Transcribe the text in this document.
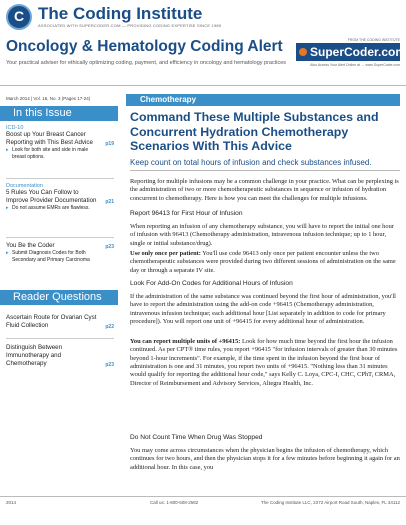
C
The Coding Institute
ASSOCIATED WITH SUPERCODER.COM — PROVIDING CODING EXPERTISE SINCE 1989
Oncology & Hematology Coding Alert
Your practical adviser for ethically optimizing coding, payment, and efficiency in oncology and hematology practices
FROM THE CODING INSTITUTE
SuperCoder.com
Also Access Your Alert Online at → www.SuperCoder.com
March 2014 | Vol. 16, No. 3 (Pages 17-24)
In this Issue
ICD-10
Boost up Your Breast Cancer Reporting with This Best Advice p19
▸ Look for both site and side in male breast options.
Documentation
5 Rules You Can Follow to Improve Provider Documentation p21
▸ Do not assume EMRs are flawless.
You Be the Coder	p23
▸ Submit Diagnosis Codes for Both Secondary and Primary Carcinoma
Reader Questions
Ascertain Route for Ovarian Cyst Fluid Collection	p22
Distinguish Between Immunotherapy and Chemotherapy	p23
Chemotherapy
Command These Multiple Substances and Concurrent Hydration Chemotherapy Scenarios With This Advice
Keep count on total hours of infusion and check substances infused.
Reporting for multiple infusions may be a common challenge in your practice. What can be perplexing is the administration of two or more chemotherapeutic substances in sequence or infusion of hydration concurrent to chemotherapy. Here is how you can meet the challenges for multiple infusions.
Report 96413 for First Hour of Infusion
When reporting an infusion of any chemotherapy substance, you will have to report the initial one hour of infusion with 96413 (Chemotherapy administration, intravenous infusion technique; up to 1 hour, single or initial substance/drug).
Use only once per patient: You'll use code 96413 only once per patient encounter unless the two chemotherapeutic substances were provided during two different sessions of administration on the same day or through a separate IV site.
Look For Add-On Codes for Additional Hours of Infusion
If the administration of the same substance was continued beyond the first hour of administration, you'll have to report the administration using the add-on code +96415 (Chemotherapy administration, intravenous infusion technique; each additional hour [List separately in addition to code for primary procedure]). You will report one unit of +96415 for every additional hour of administration.
You can report multiple units of +96415: Look for how much time beyond the first hour the infusion continued. As per CPT® time rules, you report +96415 "for infusion intervals of greater than 30 minutes beyond 1-hour increments". For example, if the time spent in the infusion beyond the first hour of administration is one and 31 minutes, you report two units of +96415. "Nothing less than 31 minutes would qualify for reporting the additional hour code," says Kelly C. Loya, CPC-I, CHC, CPhT, CRMA, Director of Reimbursement and Advisory Services, Altegra Health, Inc.
Do Not Count Time When Drug Was Stopped
You may come across circumstances when the physician begins the infusion of chemotherapy, which continues for two hours, and then the physician stops it for a few minutes before beginning it again for an additional hour. In this case, you
2014	Call us: 1-800-508-2582	The Coding Institute LLC, 2272 Airport Road South, Naples, FL 34112
